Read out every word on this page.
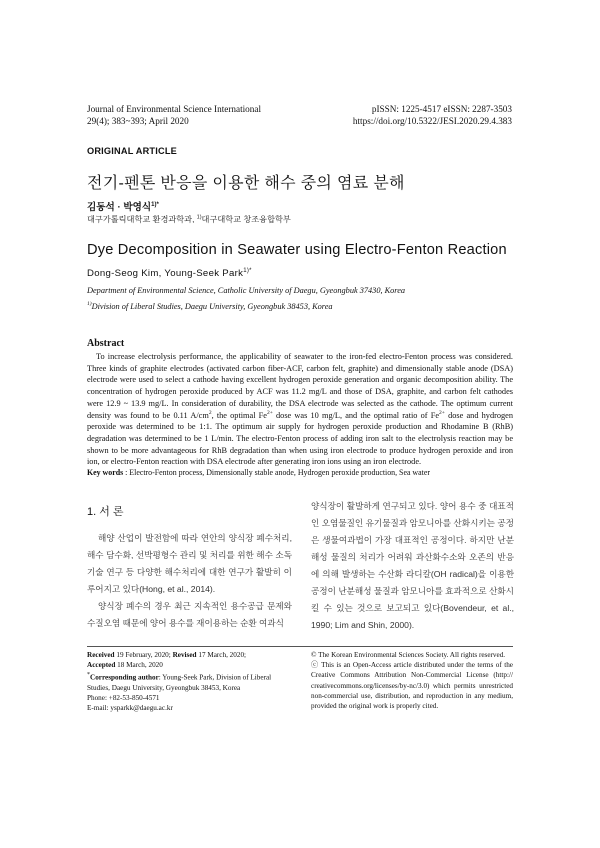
Journal of Environmental Science International
29(4); 383~393; April 2020
pISSN: 1225-4517 eISSN: 2287-3503
https://doi.org/10.5322/JESI.2020.29.4.383
ORIGINAL ARTICLE
전기-펜톤 반응을 이용한 해수 중의 염료 분해
김동석 · 박영식$^{1)*}$
대구가톨릭대학교 환경과학과, $^{1)}$대구대학교 창조융합학부
Dye Decomposition in Seawater using Electro-Fenton Reaction
Dong-Seog Kim, Young-Seek Park$^{1)*}$
Department of Environmental Science, Catholic University of Daegu, Gyeongbuk 37430, Korea
$^{1)}$Division of Liberal Studies, Daegu University, Gyeongbuk 38453, Korea
Abstract
To increase electrolysis performance, the applicability of seawater to the iron-fed electro-Fenton process was considered. Three kinds of graphite electrodes (activated carbon fiber-ACF, carbon felt, graphite) and dimensionally stable anode (DSA) electrode were used to select a cathode having excellent hydrogen peroxide generation and organic decomposition ability. The concentration of hydrogen peroxide produced by ACF was 11.2 mg/L and those of DSA, graphite, and carbon felt cathodes were 12.9 ~ 13.9 mg/L. In consideration of durability, the DSA electrode was selected as the cathode. The optimum current density was found to be 0.11 $A/cm^2$, the optimal $Fe^{2+}$ dose was 10 mg/L, and the optimal ratio of $Fe^{2+}$ dose and hydrogen peroxide was determined to be 1:1. The optimum air supply for hydrogen peroxide production and Rhodamine B (RhB) degradation was determined to be 1 L/min. The electro-Fenton process of adding iron salt to the electrolysis reaction may be shown to be more advantageous for RhB degradation than when using iron electrode to produce hydrogen peroxide and iron ion, or electro-Fenton reaction with DSA electrode after generating iron ions using an iron electrode.
Key words : Electro-Fenton process, Dimensionally stable anode, Hydrogen peroxide production, Sea water
1. 서 론

해양 산업이 발전함에 따라 연안의 양식장 폐수처리, 해수 담수화, 선박평형수 관리 및 처리를 위한 해수 소독기술 연구 등 다양한 해수처리에 대한 연구가 활발히 이루어지고 있다(Hong, et al., 2014).

양식장 폐수의 경우 최근 지속적인 용수공급 문제와 수질오염 때문에 양어 용수를 재이용하는 순환 여과식

양식장이 활발하게 연구되고 있다. 양어 용수 중 대표적인 오염물질인 유기물질과 암모니아를 산화시키는 공정은 생물여과법이 가장 대표적인 공정이다. 하지만 난분해성 물질의 처리가 어려워 과산화수소와 오존의 반응에 의해 발생하는 수산화 라디칼(OH radical)을 이용한 공정이 난분해성 물질과 암모니아를 효과적으로 산화시킬 수 있는 것으로 보고되고 있다(Bovendeur, et al., 1990; Lim and Shin, 2000).

Received 19 February, 2020; Revised 17 March, 2020;
Accepted 18 March, 2020
*Corresponding author: Young-Seek Park, Division of Liberal Studies, Daegu University, Gyeongbuk 38453, Korea
Phone: +82-53-850-4571
E-mail: ysparkk@daegu.ac.kr
© The Korean Environmental Sciences Society. All rights reserved.
ⓒ This is an Open-Access article distributed under the terms of the Creative Commons Attribution Non-Commercial License (http:// creativecommons.org/licenses/by-nc/3.0) which permits unrestricted non-commercial use, distribution, and reproduction in any medium, provided the original work is properly cited.
